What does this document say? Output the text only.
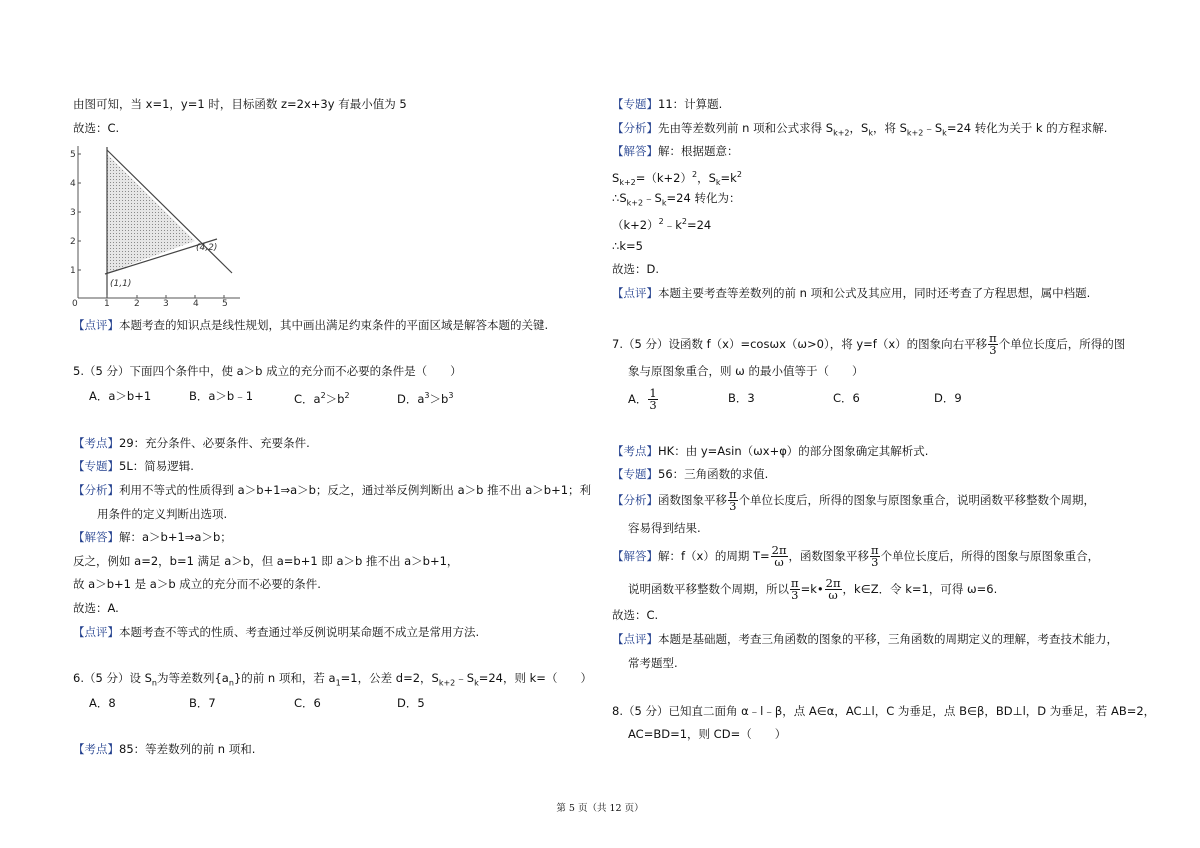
由图可知，当 x=1，y=1 时，目标函数 z=2x+3y 有最小值为 5
故选：C.
0	1	2	3	4	5
1
2
3
4
5
(1,1)
(4,2)
【点评】本题考查的知识点是线性规划，其中画出满足约束条件的平面区域是解答本题的关键.
5.（5 分）下面四个条件中，使 a＞b 成立的充分而不必要的条件是（　　）
A．a＞b+1	B．a＞b﹣1	C．$a^2>b^2$	D．$a^3>b^3$
【考点】29：充分条件、必要条件、充要条件.
【专题】5L：简易逻辑.
【分析】利用不等式的性质得到 a＞b+1⇒a＞b；反之，通过举反例判断出 a＞b 推不出 a＞b+1；利
用条件的定义判断出选项.
【解答】解：a＞b+1⇒a＞b；
反之，例如 a=2，b=1 满足 a＞b，但 a=b+1 即 a＞b 推不出 a＞b+1，
故 a＞b+1 是 a＞b 成立的充分而不必要的条件.
故选：A.
【点评】本题考查不等式的性质、考查通过举反例说明某命题不成立是常用方法.
6.（5 分）设 $S_n$为等差数列$\{a_n\}$的前 n 项和，若 $a_1=1$，公差 d=2，$S_{k+2}﹣S_k=24$，则 k=（　　）
A．8	B．7	C．6	D．5
【考点】85：等差数列的前 n 项和.
【专题】11：计算题.
【分析】先由等差数列前 n 项和公式求得 $S_{k+2}$，$S_k$，将 $S_{k+2}﹣S_k=24$ 转化为关于 k 的方程求解.
【解答】解：根据题意：
$S_{k+2}=(k+2)^2$，$S_k=k^2$
$\therefore S_{k+2}﹣S_k=24$ 转化为：
$(k+2)^2﹣k^2=24$
∴k=5
故选：D.
【点评】本题主要考查等差数列的前 n 项和公式及其应用，同时还考查了方程思想，属中档题.
7.（5 分）设函数 f（x）=cosωx（ω>0），将 y=f（x）的图象向右平移 $\frac{\pi}{3}$ 个单位长度后，所得的图
象与原图象重合，则 ω 的最小值等于（　　）
A． $\frac{1}{3}$	B．3	C．6	D．9
【考点】HK：由 y=Asin（ωx+φ）的部分图象确定其解析式.
【专题】56：三角函数的求值.
【分析】函数图象平移 $\frac{\pi}{3}$ 个单位长度后，所得的图象与原图象重合，说明函数平移整数个周期，
容易得到结果.
【解答】解：f（x）的周期 $T= \frac{2\pi}{\omega}$ ，函数图象平移 $\frac{\pi}{3}$ 个单位长度后，所得的图象与原图象重合，
说明函数平移整数个周期，所以 $\frac{\pi}{3}$ =k• $\frac{2\pi}{\omega}$ ，k∈Z．令 k=1，可得 ω=6.
故选：C.
【点评】本题是基础题，考查三角函数的图象的平移，三角函数的周期定义的理解，考查技术能力，
常考题型.
8.（5 分）已知直二面角 α﹣l﹣β，点 A∈α，AC⊥l，C 为垂足，点 B∈β，BD⊥l，D 为垂足，若 AB=2，
AC=BD=1，则 CD=（　　）
第 5 页（共 12 页）
